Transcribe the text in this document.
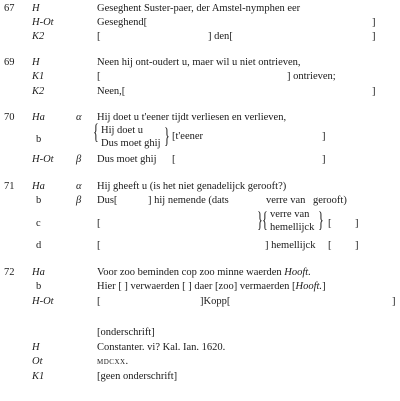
67 H	Geseghent Suster-paer, der Amstel-nymphen eer
H-Ot	Geseghend[	]
K2	[	] den[	]
69 H	Neen hij ont-oudert u, maer wil u niet ontrieven,
K1	[	] ontrieven;
K2	Neen,[	]
70 Ha	α Hij doet u t'eener tijdt verliesen en verlieven,
b { Hij doet u
Dus moet ghij } [t'eener	]
H-Ot β Dus moet ghij [	]
71 Ha	α Hij gheeft u (is het niet genadelijck gerooft?)
b	β Dus[	] hij nemende (dats	verre van gerooft)
c	[	} { verre van
hemellijck } [ ]
d	[	] hemellijck [ ]
72 Ha	Voor zoo beminden cop zoo minne waerden Hooft.
b	Hier [ ] verwaerden [ ] daer [zoo] vermaerden [Hooft.]
H-Ot	[	]Kopp[	]
[onderschrift]
H	Constanter. vi? Kal. Ian. 1620.
Ot	mdcxx.
K1	[geen onderschrift]
